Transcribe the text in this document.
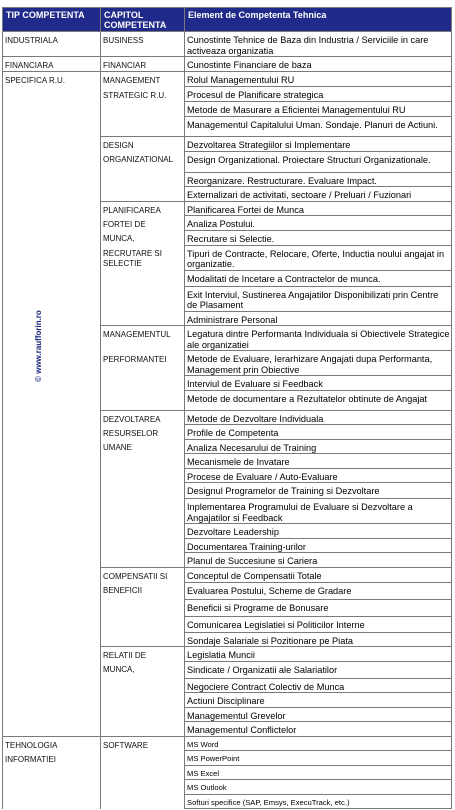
TIP COMPETENTA	CAPITOL COMPETENTA	Element de Competenta Tehnica

INDUSTRIALA	BUSINESS	Cunostinte Tehnice de Baza din Industria / Serviciile in care activeaza organizatia

FINANCIARA	FINANCIAR	Cunostinte Financiare de baza

SPECIFICA R.U.	MANAGEMENT	Rolul Managementului RU

	STRATEGIC R.U.	Procesul de Planificare strategica

		Metode de Masurare a Eficientei Managementului RU

		Managementul Capitalului Uman. Sondaje. Planuri de Actiuni.

	DESIGN	Dezvoltarea Strategiilor si Implementare

	ORGANIZATIONAL	Design Organizational. Proiectare Structuri Organizationale.

		Reorganizare. Restructurare. Evaluare Impact.

		Externalizari de activitati, sectoare / Preluari / Fuzionari

	PLANIFICAREA	Planificarea Fortei de Munca

	FORTEI DE	Analiza Postului.

	MUNCA,	Recrutare si Selectie.

	RECRUTARE SI SELECTIE	Tipuri de Contracte, Relocare, Oferte, Inductia noului angajat in organizatie.

		Modalitati de Incetare a Contractelor de munca.

		Exit Interviul, Sustinerea Angajatilor Disponibilizati prin Centre de Plasament

		Administrare Personal

	MANAGEMENTUL	Legatura dintre Performanta Individuala si Obiectivele Strategice ale organizatiei

	PERFORMANTEI	Metode de Evaluare, Ierarhizare Angajati dupa Performanta, Management prin Obiective

		Interviul de Evaluare si Feedback

		Metode de documentare a Rezultatelor obtinute de Angajat

	DEZVOLTAREA	Metode de Dezvoltare Individuala

	RESURSELOR	Profile de Competenta

	UMANE	Analiza Necesarului de Training

		Mecanismele de Invatare

		Procese de Evaluare / Auto-Evaluare

		Designul Programelor de Training si Dezvoltare

		Inplementarea Programului de Evaluare si Dezvoltare a Angajatilor si Feedback

		Dezvoltare Leadership

		Documentarea Training-urilor

		Planul de Succesiune si Cariera

	COMPENSATII SI	Conceptul de Compensatii Totale

	BENEFICII	Evaluarea Postului, Scheme de Gradare

		Beneficii si Programe de Bonusare

		Comunicarea Legislatiei si Politicilor Interne

		Sondaje Salariale si Pozitionare pe Piata

	RELATII DE	Legislatia Muncii

	MUNCA,	Sindicate / Organizatii ale Salariatilor

		Negociere Contract Colectiv de Munca

		Actiuni Disciplinare

		Managementul Grevelor

		Managementul Conflictelor

TEHNOLOGIA	SOFTWARE	MS Word

INFORMATIEI		MS PowerPoint

		MS Excel

		MS Outlook

		Softuri specifice (SAP, Emsys, ExecuTrack, etc.)
© www.raufforin.ro
